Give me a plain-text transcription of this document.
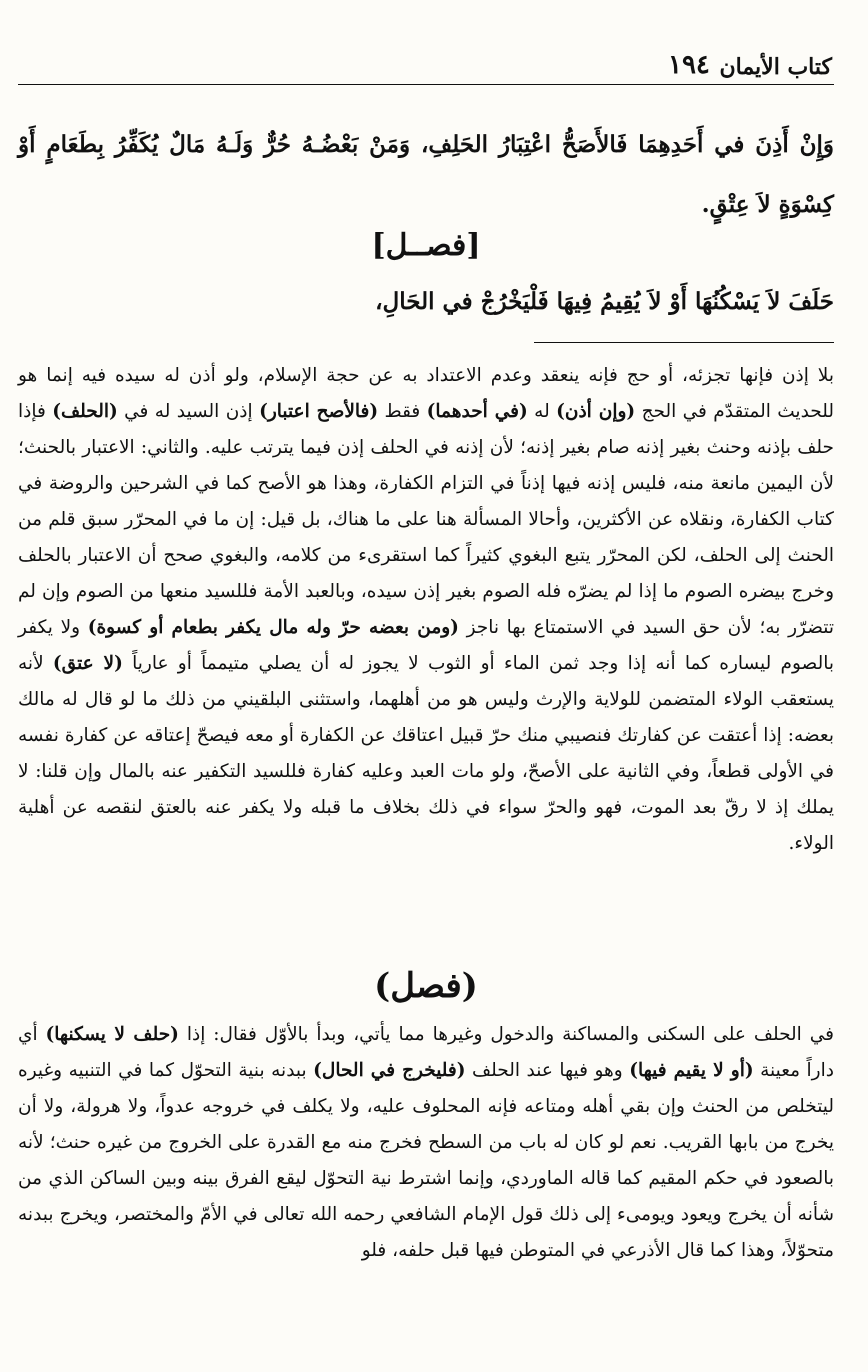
كتاب الأيمان
١٩٤
وَإِنْ أَذِنَ في أَحَدِهِمَا فَالأَصَحُّ اعْتِبَارُ الحَلِفِ، وَمَنْ بَعْضُـهُ حُرٌّ وَلَـهُ مَالٌ يُكَفِّرُ بِطَعَامٍ أَوْ كِسْوَةٍ لاَ عِتْقٍ.
[فصــل]
حَلَفَ لاَ يَسْكُنُهَا أَوْ لاَ يُقِيمُ فِيهَا فَلْيَخْرُجْ في الحَالِ،
بلا إذن فإنها تجزئه، أو حج فإنه ينعقد وعدم الاعتداد به عن حجة الإسلام، ولو أذن له سيده فيه إنما هو للحديث المتقدّم في الحج (وإن أذن) له (في أحدهما) فقط (فالأصح اعتبار) إذن السيد له في (الحلف) فإذا حلف بإذنه وحنث بغير إذنه صام بغير إذنه؛ لأن إذنه في الحلف إذن فيما يترتب عليه. والثاني: الاعتبار بالحنث؛ لأن اليمين مانعة منه، فليس إذنه فيها إذناً في التزام الكفارة، وهذا هو الأصح كما في الشرحين والروضة في كتاب الكفارة، ونقلاه عن الأكثرين، وأحالا المسألة هنا على ما هناك، بل قيل: إن ما في المحرّر سبق قلم من الحنث إلى الحلف، لكن المحرّر يتبع البغوي كثيراً كما استقرىء من كلامه، والبغوي صحح أن الاعتبار بالحلف وخرج بيضره الصوم ما إذا لم يضرّه فله الصوم بغير إذن سيده، وبالعبد الأمة فللسيد منعها من الصوم وإن لم تتضرّر به؛ لأن حق السيد في الاستمتاع بها ناجز (ومن بعضه حرّ وله مال يكفر بطعام أو كسوة) ولا يكفر بالصوم ليساره كما أنه إذا وجد ثمن الماء أو الثوب لا يجوز له أن يصلي متيمماً أو عارياً (لا عتق) لأنه يستعقب الولاء المتضمن للولاية والإرث وليس هو من أهلهما، واستثنى البلقيني من ذلك ما لو قال له مالك بعضه: إذا أعتقت عن كفارتك فنصيبي منك حرّ قبيل اعتاقك عن الكفارة أو معه فيصحّ إعتاقه عن كفارة نفسه في الأولى قطعاً، وفي الثانية على الأصحّ، ولو مات العبد وعليه كفارة فللسيد التكفير عنه بالمال وإن قلنا: لا يملك إذ لا رقّ بعد الموت، فهو والحرّ سواء في ذلك بخلاف ما قبله ولا يكفر عنه بالعتق لنقصه عن أهلية الولاء.
(فصل)
في الحلف على السكنى والمساكنة والدخول وغيرها مما يأتي، وبدأ بالأوّل فقال: إذا (حلف لا يسكنها) أي داراً معينة (أو لا يقيم فيها) وهو فيها عند الحلف (فليخرج في الحال) ببدنه بنية التحوّل كما في التنبيه وغيره ليتخلص من الحنث وإن بقي أهله ومتاعه فإنه المحلوف عليه، ولا يكلف في خروجه عدواً، ولا هرولة، ولا أن يخرج من بابها القريب. نعم لو كان له باب من السطح فخرج منه مع القدرة على الخروج من غيره حنث؛ لأنه بالصعود في حكم المقيم كما قاله الماوردي، وإنما اشترط نية التحوّل ليقع الفرق بينه وبين الساكن الذي من شأنه أن يخرج ويعود ويومىء إلى ذلك قول الإمام الشافعي رحمه الله تعالى في الأمّ والمختصر، ويخرج ببدنه متحوّلاً، وهذا كما قال الأذرعي في المتوطن فيها قبل حلفه، فلو
